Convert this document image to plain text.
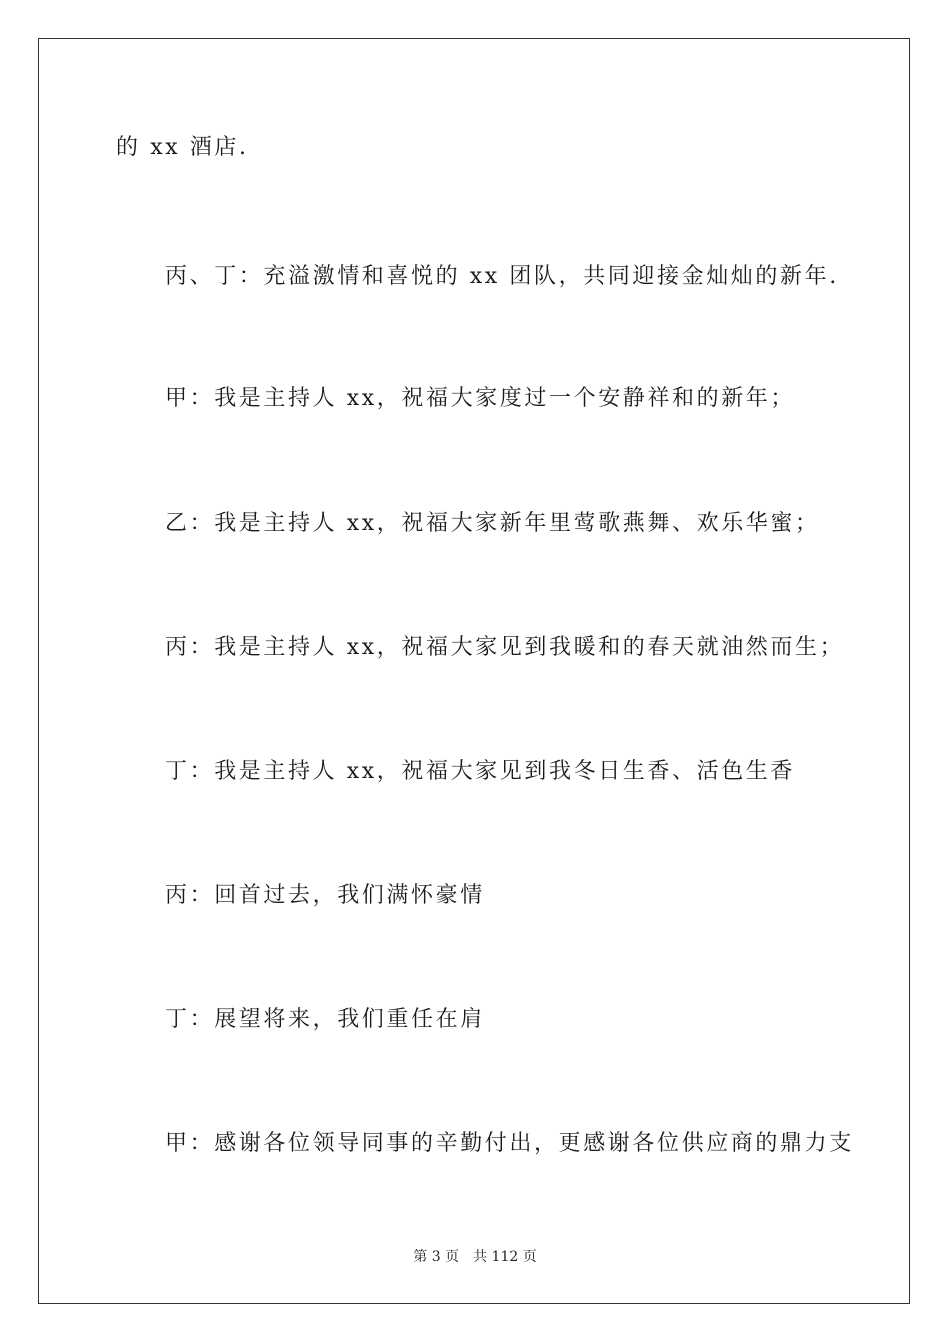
的 xx 酒店.
丙、丁：充溢激情和喜悦的 xx 团队，共同迎接金灿灿的新年.
甲：我是主持人 xx，祝福大家度过一个安静祥和的新年；
乙：我是主持人 xx，祝福大家新年里莺歌燕舞、欢乐华蜜；
丙：我是主持人 xx，祝福大家见到我暖和的春天就油然而生；
丁：我是主持人 xx，祝福大家见到我冬日生香、活色生香
丙：回首过去，我们满怀豪情
丁：展望将来，我们重任在肩
甲：感谢各位领导同事的辛勤付出，更感谢各位供应商的鼎力支
第 3 页　共 112 页
